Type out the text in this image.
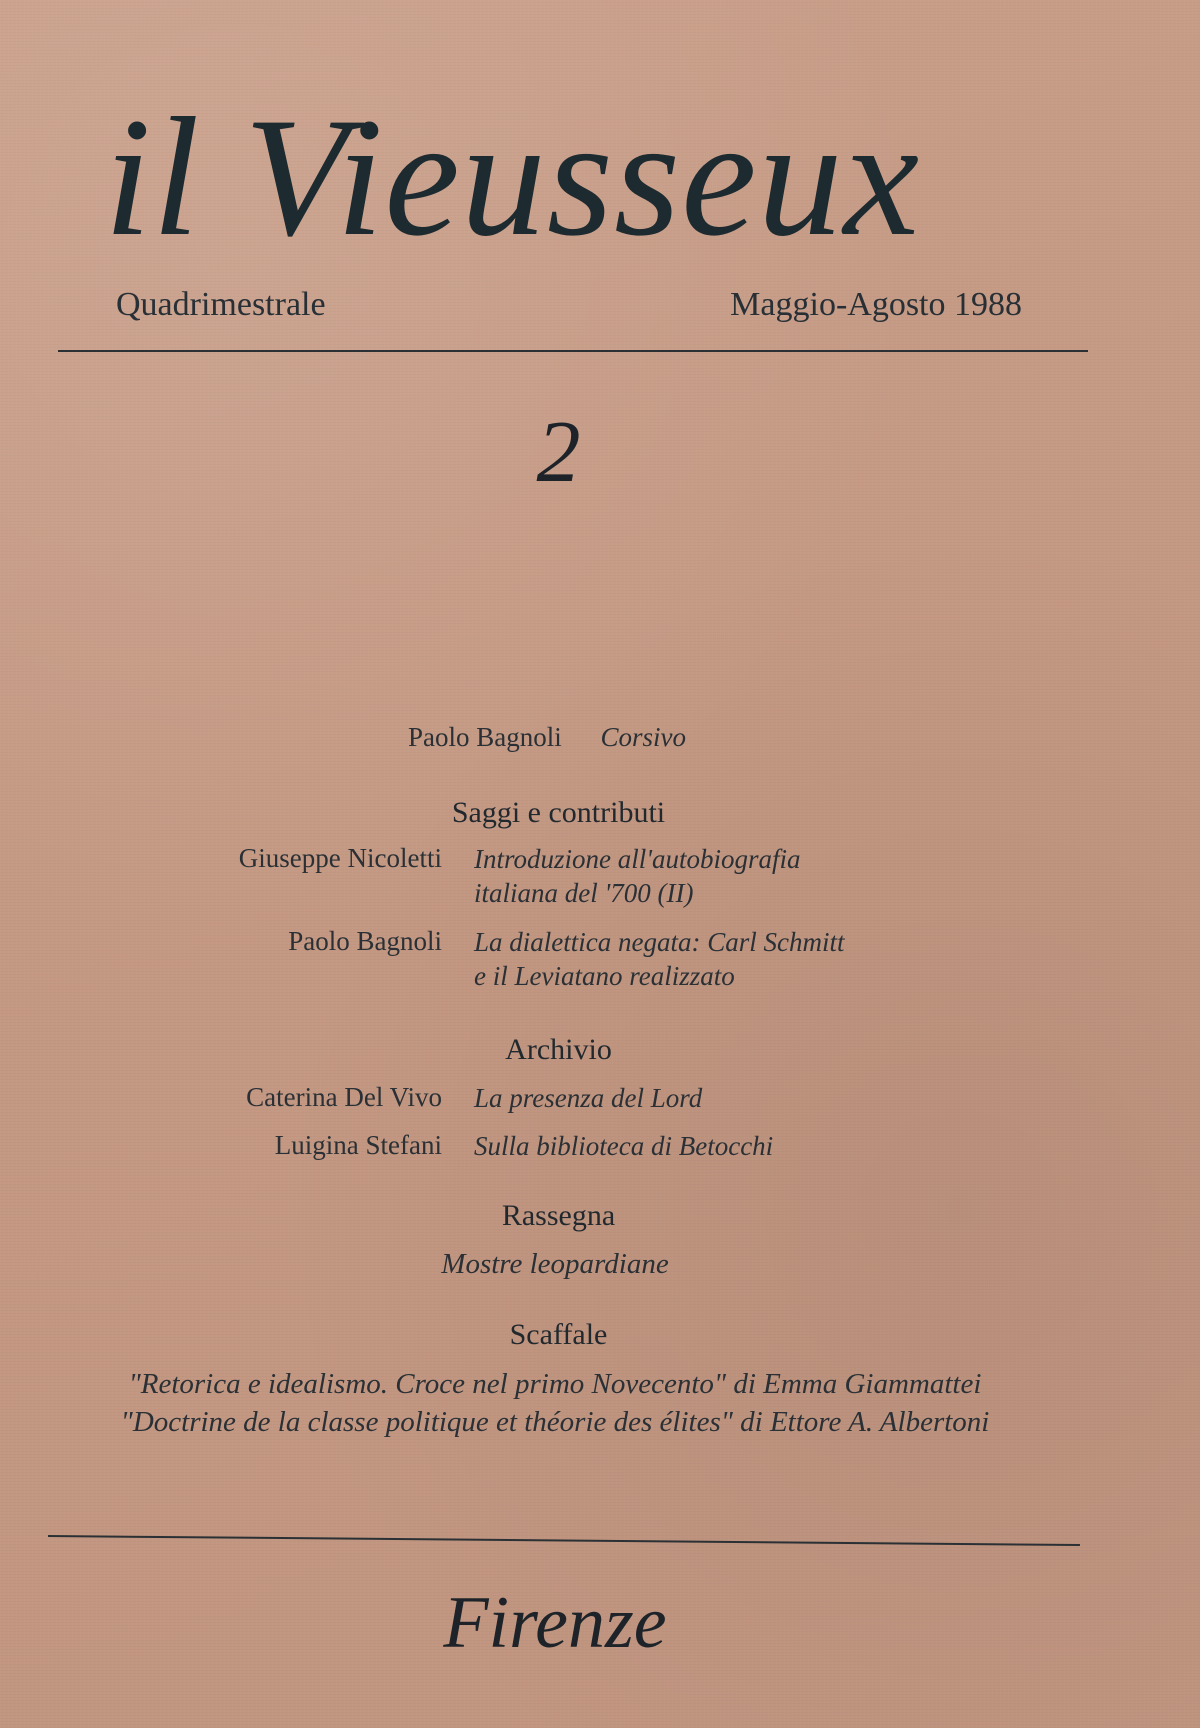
il Vieusseux
Quadrimestrale	Maggio-Agosto 1988
2
Paolo Bagnoli Corsivo
Saggi e contributi
Giuseppe Nicoletti Introduzione all'autobiografia
italiana del '700 (II)
Paolo Bagnoli La dialettica negata: Carl Schmitt
e il Leviatano realizzato
Archivio
Caterina Del Vivo La presenza del Lord
Luigina Stefani Sulla biblioteca di Betocchi
Rassegna
Mostre leopardiane
Scaffale
"Retorica e idealismo. Croce nel primo Novecento" di Emma Giammattei
"Doctrine de la classe politique et théorie des élites" di Ettore A. Albertoni
Firenze
